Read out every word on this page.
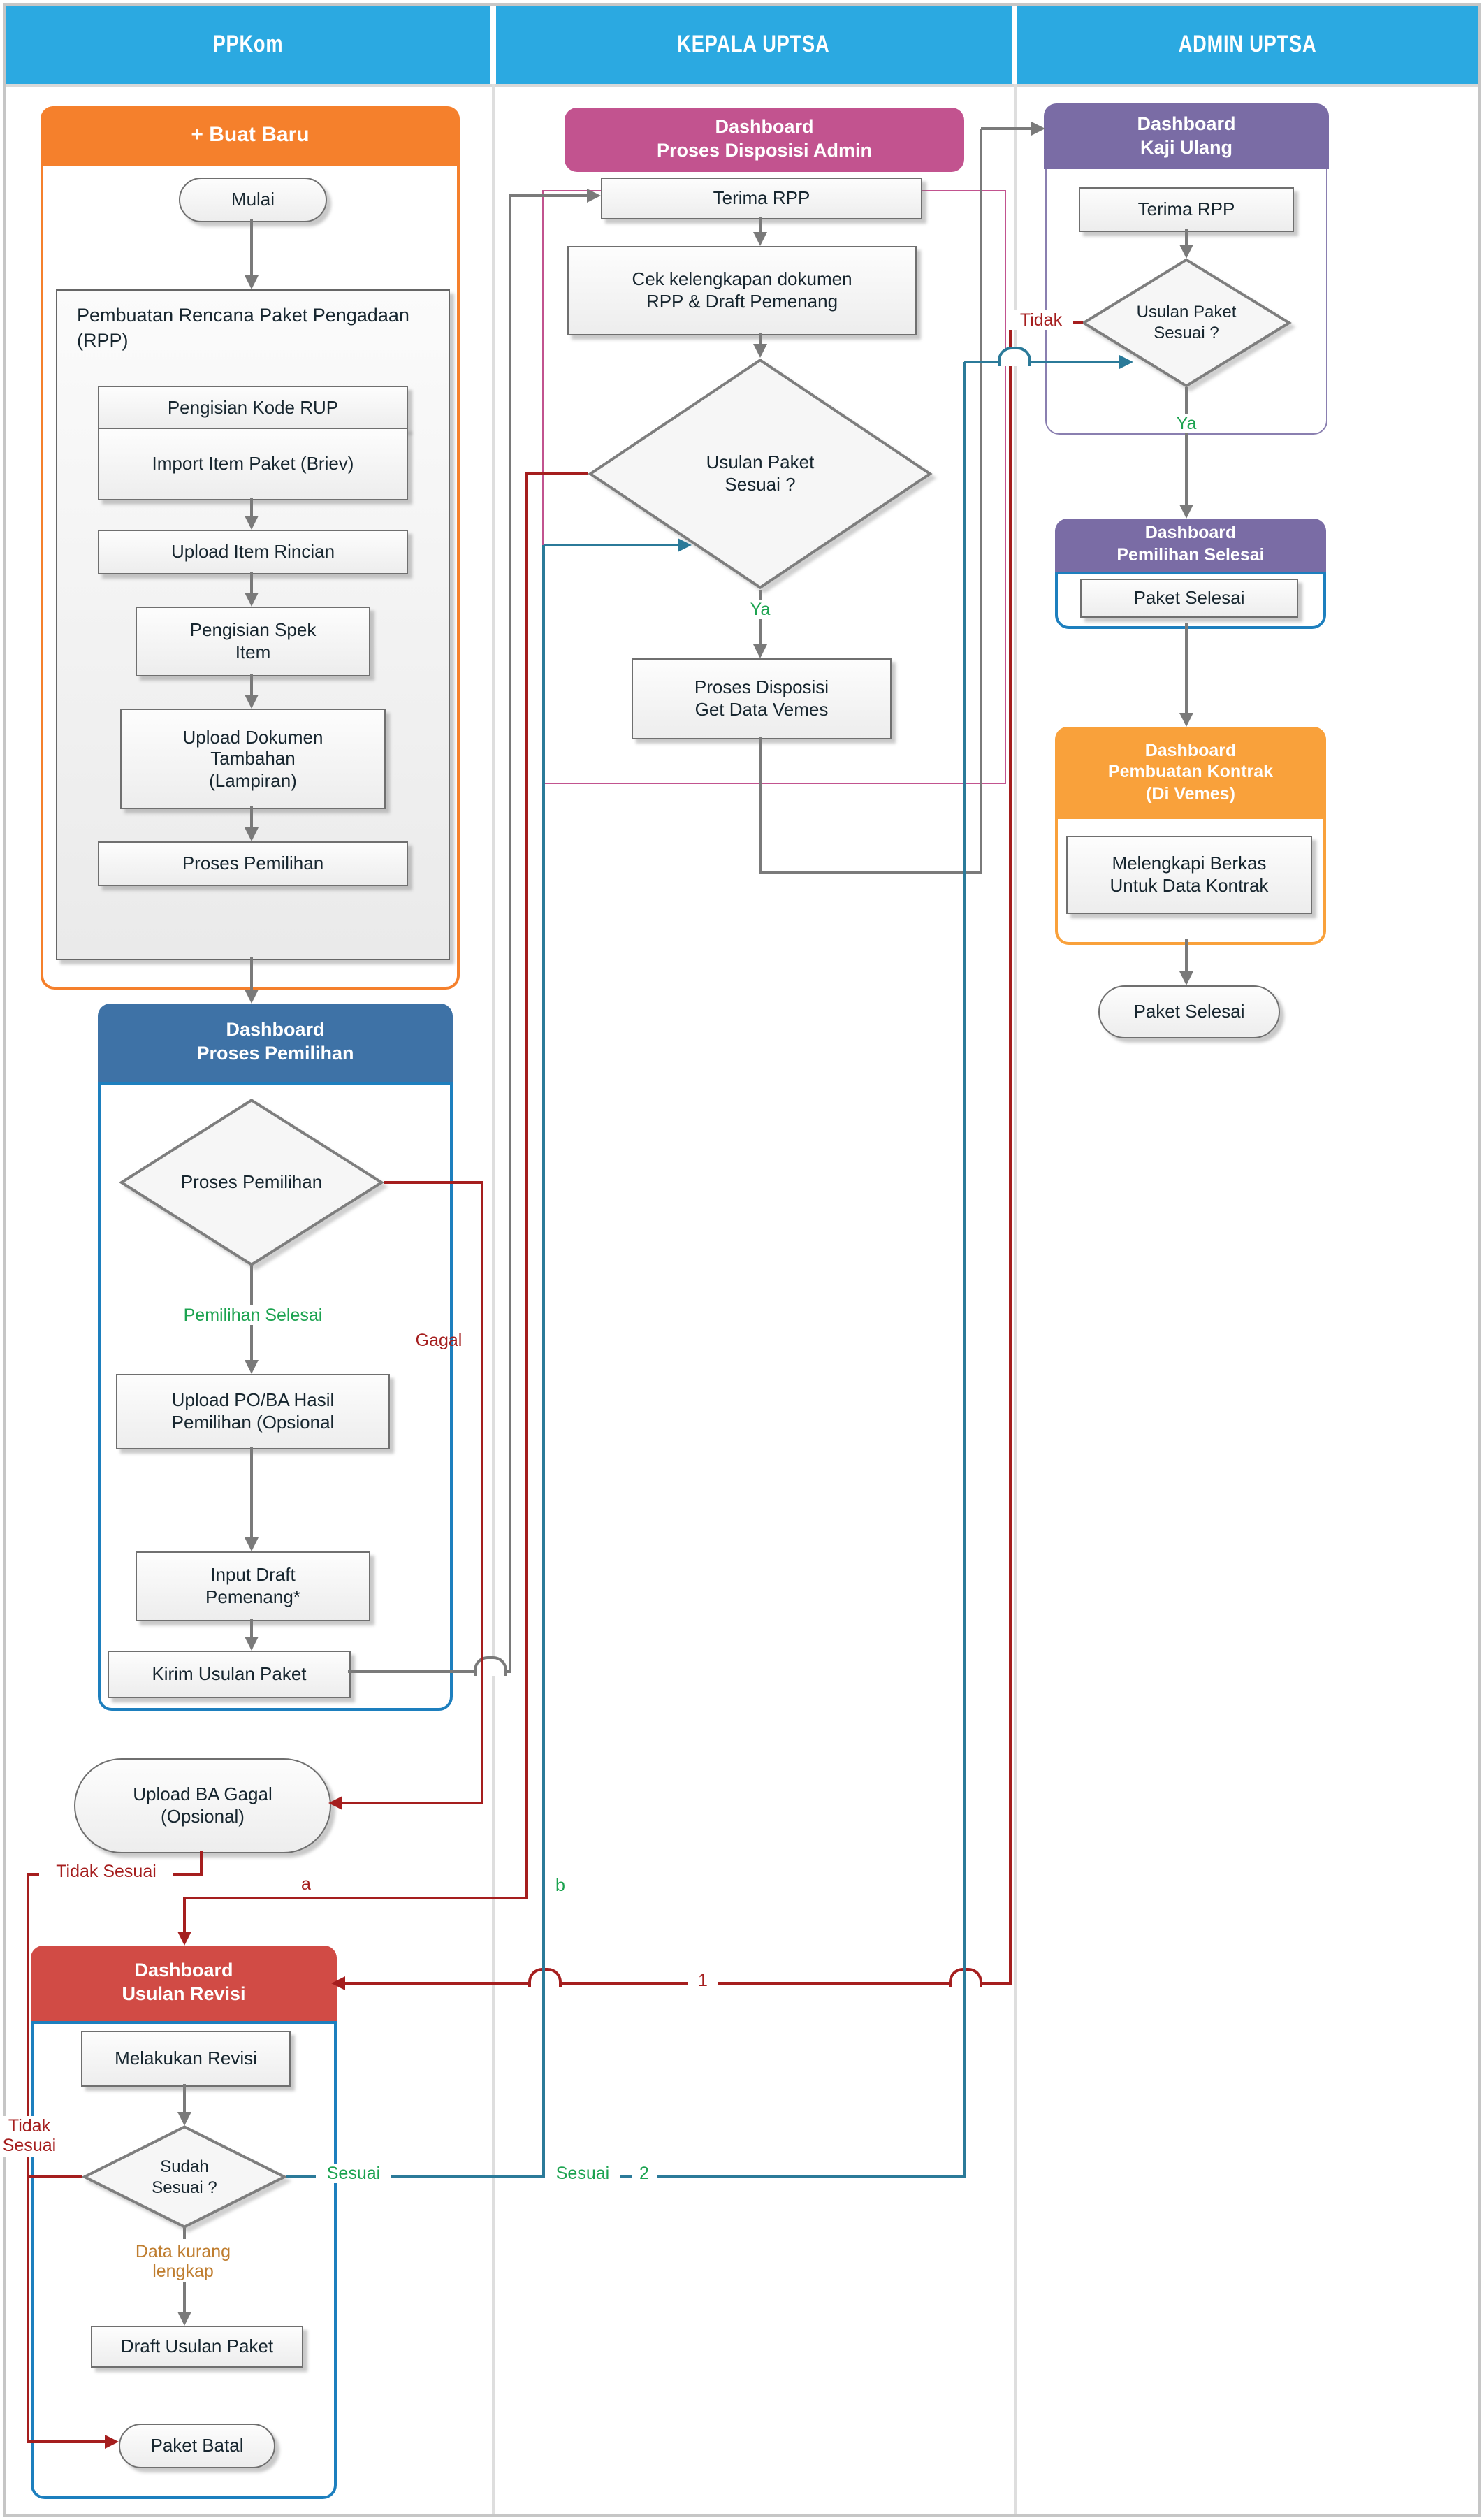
PPKom	KEPALA UPTSA	ADMIN UPTSA
+ Buat Baru
Mulai
Pembuatan Rencana Paket Pengadaan (RPP)
Pengisian Kode RUP
Import Item Paket (Briev)
Upload Item Rincian
Pengisian Spek Item
Upload Dokumen Tambahan (Lampiran)
Proses Pemilihan
Dashboard
Proses Pemilihan
Proses Pemilihan
Upload PO/BA Hasil Pemilihan (Opsional
Input Draft Pemenang*
Kirim Usulan Paket
Upload BA Gagal
(Opsional)
Dashboard
Usulan Revisi
Melakukan Revisi
Sudah
Sesuai ?
Draft Usulan Paket
Paket Batal
Dashboard
Proses Disposisi Admin
Terima RPP
Cek kelengkapan dokumen RPP & Draft Pemenang
Usulan Paket
Sesuai ?
Proses Disposisi
Get Data Vemes
Dashboard
Kaji Ulang
Terima RPP
Usulan Paket
Sesuai ?
Dashboard
Pemilihan Selesai
Paket Selesai
Dashboard
Pembuatan Kontrak
(Di Vemes)
Melengkapi Berkas Untuk Data Kontrak
Paket Selesai
Pemilihan Selesai
Gagal
Tidak Sesuai
Tidak
Sesuai
a	b
1
Sesuai	Sesuai	2
Data kurang
lengkap
Ya
Ya
Tidak
